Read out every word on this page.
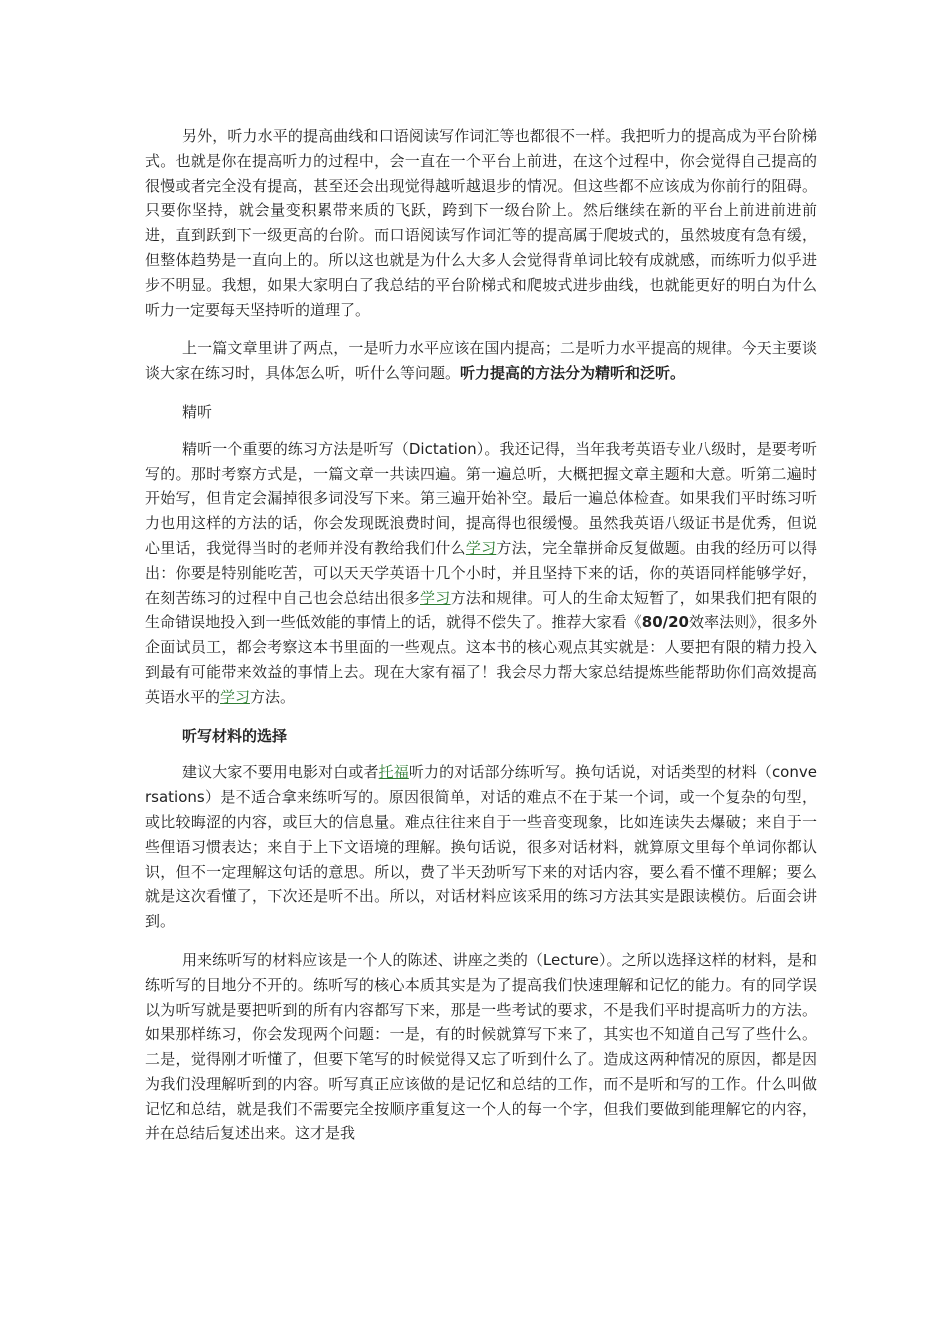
另外，听力水平的提高曲线和口语阅读写作词汇等也都很不一样。我把听力的提高成为平台阶梯式。也就是你在提高听力的过程中，会一直在一个平台上前进，在这个过程中，你会觉得自己提高的很慢或者完全没有提高，甚至还会出现觉得越听越退步的情况。但这些都不应该成为你前行的阻碍。只要你坚持，就会量变积累带来质的飞跃，跨到下一级台阶上。然后继续在新的平台上前进前进前进，直到跃到下一级更高的台阶。而口语阅读写作词汇等的提高属于爬坡式的，虽然坡度有急有缓，但整体趋势是一直向上的。所以这也就是为什么大多人会觉得背单词比较有成就感，而练听力似乎进步不明显。我想，如果大家明白了我总结的平台阶梯式和爬坡式进步曲线，也就能更好的明白为什么听力一定要每天坚持听的道理了。

上一篇文章里讲了两点，一是听力水平应该在国内提高；二是听力水平提高的规律。今天主要谈谈大家在练习时，具体怎么听，听什么等问题。听力提高的方法分为精听和泛听。

精听

精听一个重要的练习方法是听写（Dictation）。我还记得，当年我考英语专业八级时，是要考听写的。那时考察方式是，一篇文章一共读四遍。第一遍总听，大概把握文章主题和大意。听第二遍时开始写，但肯定会漏掉很多词没写下来。第三遍开始补空。最后一遍总体检查。如果我们平时练习听力也用这样的方法的话，你会发现既浪费时间，提高得也很缓慢。虽然我英语八级证书是优秀，但说心里话，我觉得当时的老师并没有教给我们什么学习方法，完全靠拼命反复做题。由我的经历可以得出：你要是特别能吃苦，可以天天学英语十几个小时，并且坚持下来的话，你的英语同样能够学好，在刻苦练习的过程中自己也会总结出很多学习方法和规律。可人的生命太短暂了，如果我们把有限的生命错误地投入到一些低效能的事情上的话，就得不偿失了。推荐大家看《80/20效率法则》，很多外企面试员工，都会考察这本书里面的一些观点。这本书的核心观点其实就是：人要把有限的精力投入到最有可能带来效益的事情上去。现在大家有福了！我会尽力帮大家总结提炼些能帮助你们高效提高英语水平的学习方法。

听写材料的选择

建议大家不要用电影对白或者托福听力的对话部分练听写。换句话说，对话类型的材料（conversations）是不适合拿来练听写的。原因很简单，对话的难点不在于某一个词，或一个复杂的句型，或比较晦涩的内容，或巨大的信息量。难点往往来自于一些音变现象，比如连读失去爆破；来自于一些俚语习惯表达；来自于上下文语境的理解。换句话说，很多对话材料，就算原文里每个单词你都认识，但不一定理解这句话的意思。所以，费了半天劲听写下来的对话内容，要么看不懂不理解；要么就是这次看懂了，下次还是听不出。所以，对话材料应该采用的练习方法其实是跟读模仿。后面会讲到。

用来练听写的材料应该是一个人的陈述、讲座之类的（Lecture）。之所以选择这样的材料，是和练听写的目地分不开的。练听写的核心本质其实是为了提高我们快速理解和记忆的能力。有的同学误以为听写就是要把听到的所有内容都写下来，那是一些考试的要求，不是我们平时提高听力的方法。如果那样练习，你会发现两个问题：一是，有的时候就算写下来了，其实也不知道自己写了些什么。二是，觉得刚才听懂了，但要下笔写的时候觉得又忘了听到什么了。造成这两种情况的原因，都是因为我们没理解听到的内容。听写真正应该做的是记忆和总结的工作，而不是听和写的工作。什么叫做记忆和总结，就是我们不需要完全按顺序重复这一个人的每一个字，但我们要做到能理解它的内容，并在总结后复述出来。这才是我
